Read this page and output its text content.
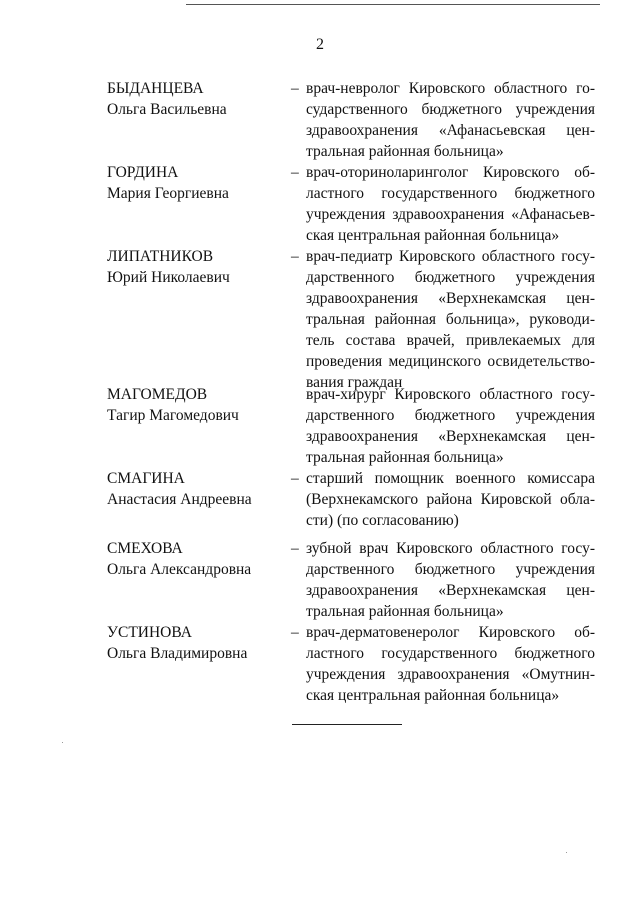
2
БЫДАНЦЕВА
Ольга Васильевна
– врач-невролог Кировского областного го-
сударственного бюджетного учреждения
здравоохранения «Афанасьевская цен-
тральная районная больница»
ГОРДИНА
Мария Георгиевна
– врач-оториноларинголог Кировского об-
ластного государственного бюджетного
учреждения здравоохранения «Афанасьев-
ская центральная районная больница»
ЛИПАТНИКОВ
Юрий Николаевич
– врач-педиатр Кировского областного госу-
дарственного бюджетного учреждения
здравоохранения «Верхнекамская цен-
тральная районная больница», руководи-
тель состава врачей, привлекаемых для
проведения медицинского освидетельство-
вания граждан
МАГОМЕДОВ
Тагир Магомедович
врач-хирург Кировского областного госу-
дарственного бюджетного учреждения
здравоохранения «Верхнекамская цен-
тральная районная больница»
СМАГИНА
Анастасия Андреевна
– старший помощник военного комиссара
(Верхнекамского района Кировской обла-
сти) (по согласованию)
СМЕХОВА
Ольга Александровна
– зубной врач Кировского областного госу-
дарственного бюджетного учреждения
здравоохранения «Верхнекамская цен-
тральная районная больница»
УСТИНОВА
Ольга Владимировна
– врач-дерматовенеролог Кировского об-
ластного государственного бюджетного
учреждения здравоохранения «Омутнин-
ская центральная районная больница»
